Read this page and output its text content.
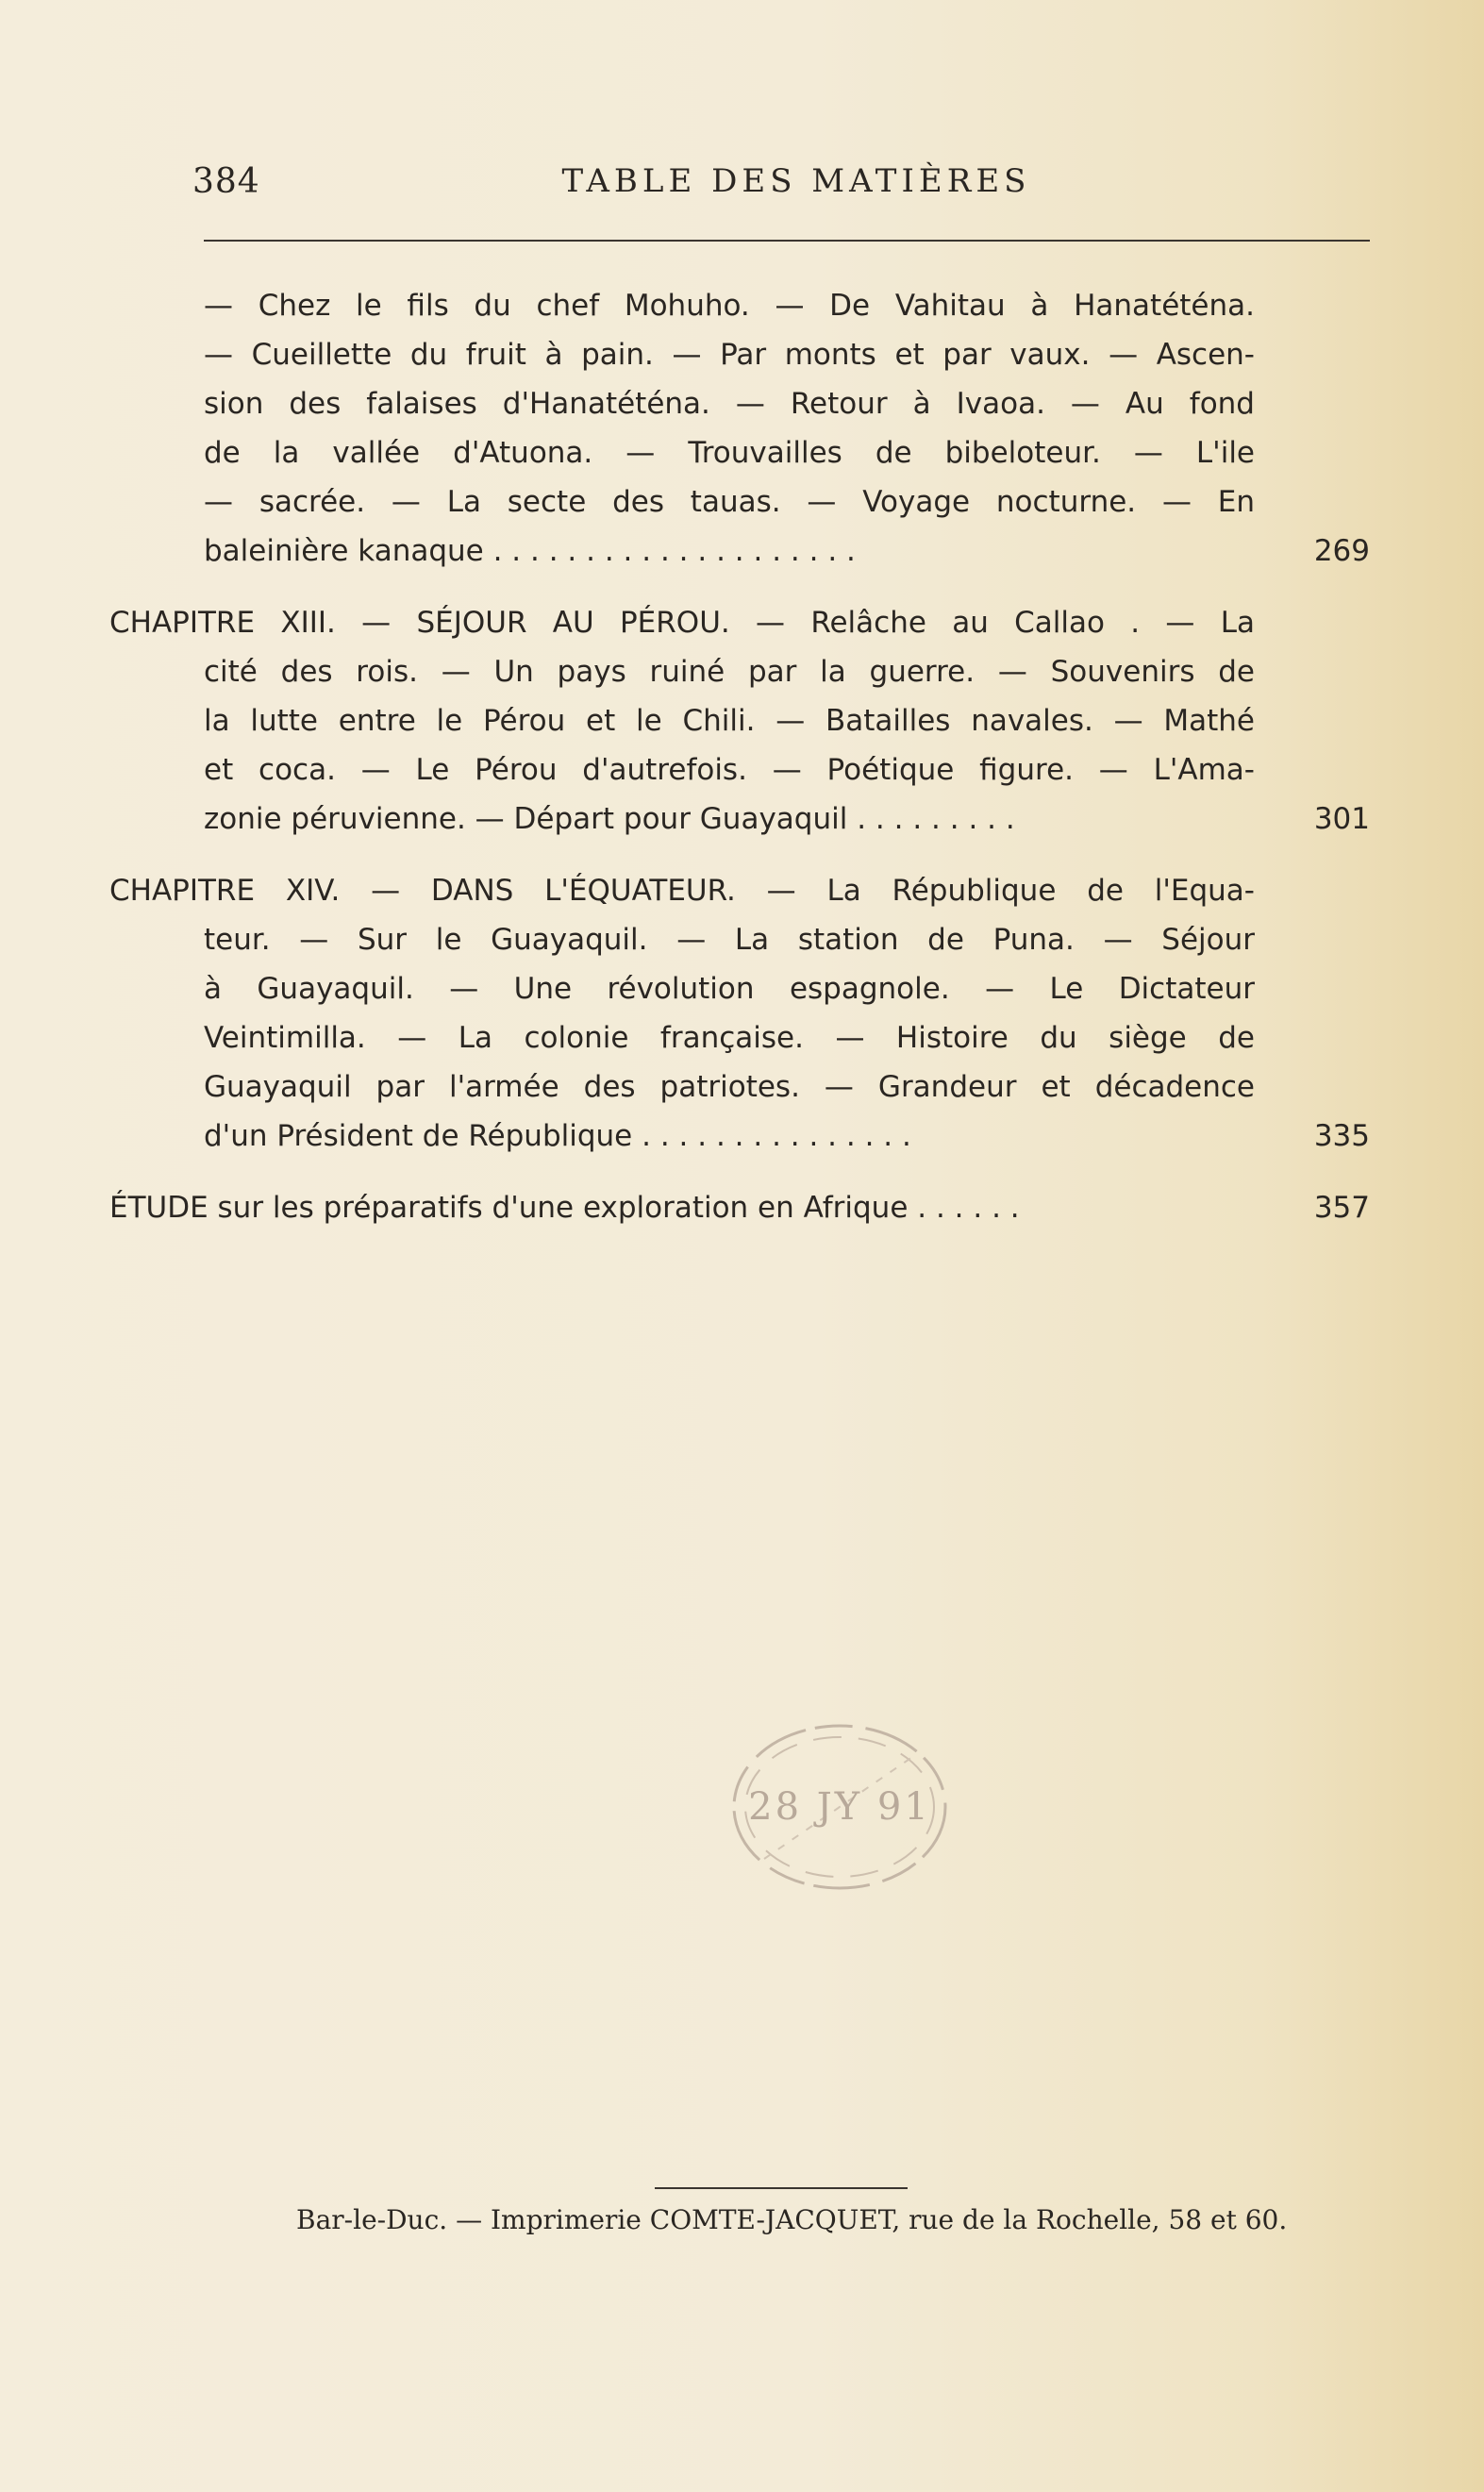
384	TABLE DES MATIÈRES
— Chez le fils du chef Mohuho. — De Vahitau à Hanatéténa.
— Cueillette du fruit à pain. — Par monts et par vaux. — Ascen-
sion des falaises d'Hanatéténa. — Retour à Ivaoa. — Au fond
de la vallée d'Atuona. — Trouvailles de bibeloteur. — L'ile
— sacrée. — La secte des tauas. — Voyage nocturne. — En
baleinière kanaque . . . . . . . . . . . . . . . . . . . .	269
CHAPITRE XIII. — SÉJOUR AU PÉROU. — Relâche au Callao . — La
cité des rois. — Un pays ruiné par la guerre. — Souvenirs de
la lutte entre le Pérou et le Chili. — Batailles navales. — Mathé
et coca. — Le Pérou d'autrefois. — Poétique figure. — L'Ama-
zonie péruvienne. — Départ pour Guayaquil . . . . . . . . .	301
CHAPITRE XIV. — DANS L'ÉQUATEUR. — La République de l'Equa-
teur. — Sur le Guayaquil. — La station de Puna. — Séjour
à Guayaquil. — Une révolution espagnole. — Le Dictateur
Veintimilla. — La colonie française. — Histoire du siège de
Guayaquil par l'armée des patriotes. — Grandeur et décadence
d'un Président de République . . . . . . . . . . . . . . .	335
ÉTUDE sur les préparatifs d'une exploration en Afrique . . . . . .	357
28 JY 91
Bar-le-Duc. — Imprimerie COMTE-JACQUET, rue de la Rochelle, 58 et 60.
